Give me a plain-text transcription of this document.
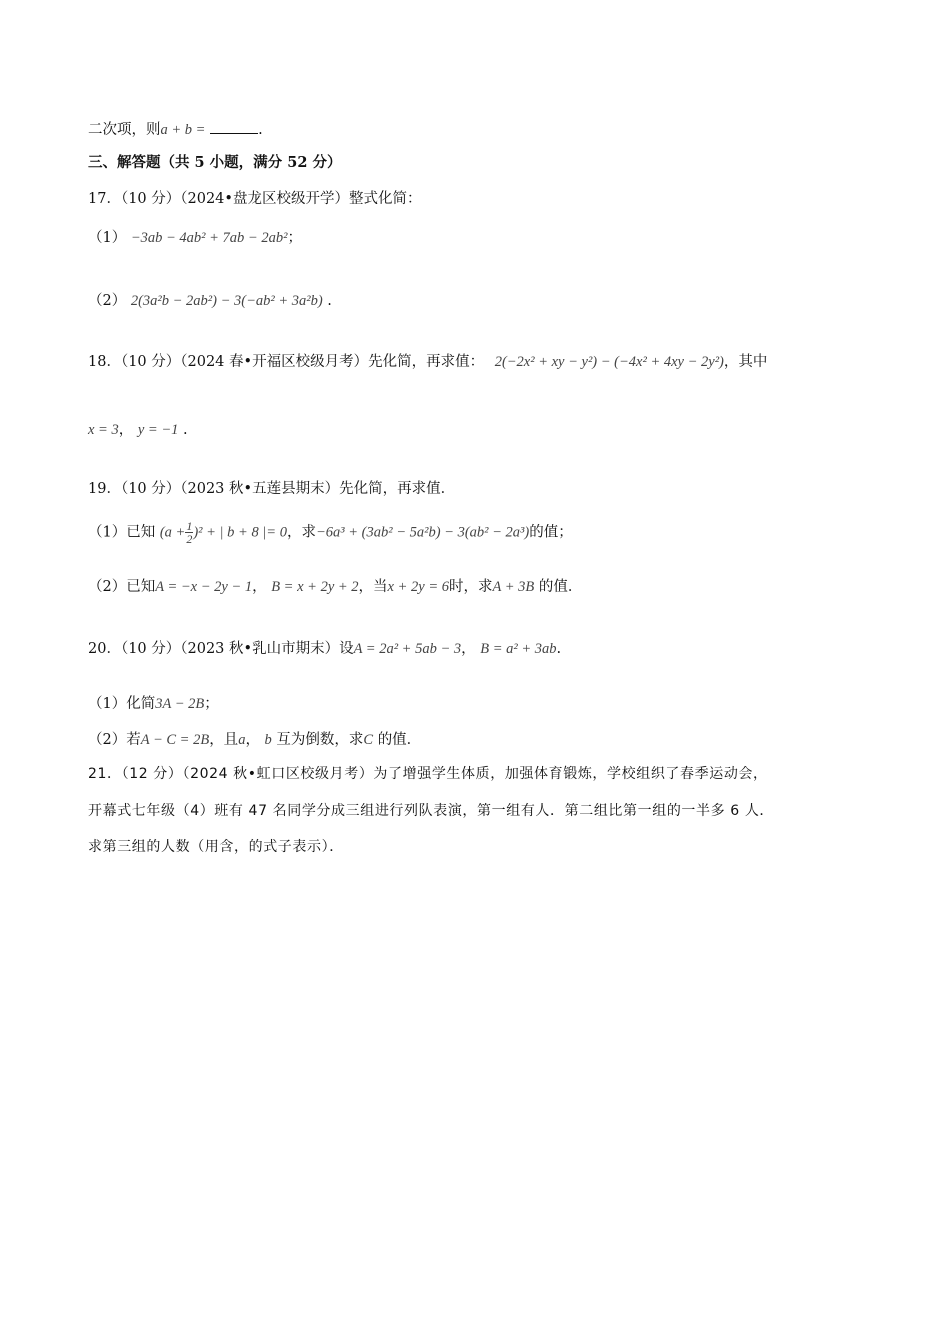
二次项，则a + b =	.
三、解答题（共 5 小题，满分 52 分）
17．（10 分）（2024•盘龙区校级开学）整式化简：
（1） −3ab − 4ab² + 7ab − 2ab²；
（2） 2(3a²b − 2ab²) − 3(−ab² + 3a²b) .
18．（10 分）（2024 春•开福区校级月考）先化简，再求值： 2(−2x² + xy − y²) − (−4x² + 4xy − 2y²)，其中
x = 3， y = −1 .
19．（10 分）（2023 秋•五莲县期末）先化简，再求值．
（1）已知 $(a + \frac{1}{2} )^2$ + | b + 8 |= 0，求−6a³ + (3ab² − 5a²b) − 3(ab² − 2a³)的值；
（2）已知A = −x − 2y − 1， B = x + 2y + 2，当x + 2y = 6时，求A + 3B 的值．
20．（10 分）（2023 秋•乳山市期末）设A = 2a² + 5ab − 3， B = a² + 3ab.
（1）化简3A − 2B；
（2）若A − C = 2B，且a， b 互为倒数，求C 的值．
21．（12 分）（2024 秋•虹口区校级月考）为了增强学生体质，加强体育锻炼，学校组织了春季运动会，
开幕式七年级（4）班有 47 名同学分成三组进行列队表演，第一组有人．第二组比第一组的一半多 6 人．
求第三组的人数（用含，的式子表示）．
